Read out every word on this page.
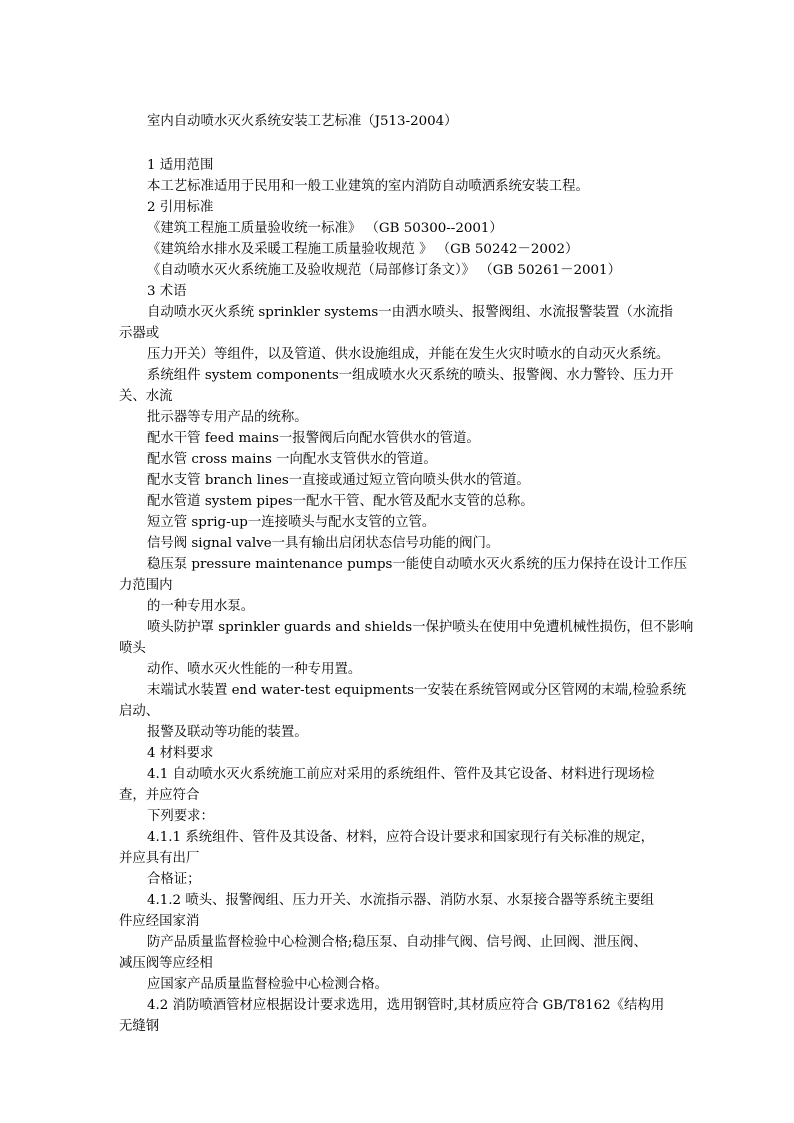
室内自动喷水灭火系统安装工艺标准（J513-2004）
1 适用范围
本工艺标准适用于民用和一般工业建筑的室内消防自动喷洒系统安装工程。
2 引用标准
《建筑工程施工质量验收统一标准》 （GB 50300--2001）
《建筑给水排水及采暖工程施工质量验收规范 》 （GB 50242－2002）
《自动喷水灭火系统施工及验收规范（局部修订条文）》 （GB 50261－2001）
3 术语
自动喷水灭火系统 sprinkler systems一由洒水喷头、报警阀组、水流报警装置（水流指
示器或
压力开关）等组件，以及管道、供水设施组成，并能在发生火灾时喷水的自动灭火系统。
系统组件 system components一组成喷水火灭系统的喷头、报警阀、水力警铃、压力开
关、水流
批示器等专用产品的统称。
配水干管 feed mains一报警阀后向配水管供水的管道。
配水管 cross mains 一向配水支管供水的管道。
配水支管 branch lines一直接或通过短立管向喷头供水的管道。
配水管道 system pipes一配水干管、配水管及配水支管的总称。
短立管 sprig-up一连接喷头与配水支管的立管。
信号阀 signal valve一具有输出启闭状态信号功能的阀门。
稳压泵 pressure maintenance pumps一能使自动喷水灭火系统的压力保持在设计工作压
力范围内
的一种专用水泵。
喷头防护罩 sprinkler guards and shields一保护喷头在使用中免遭机械性损伤，但不影响
喷头
动作、喷水灭火性能的一种专用置。
末端试水装置 end water-test equipments一安装在系统管网或分区管网的末端,检验系统
启动、
报警及联动等功能的装置。
4 材料要求
4.1 自动喷水灭火系统施工前应对采用的系统组件、管件及其它设备、材料进行现场检
查，并应符合
下列要求：
4.1.1 系统组件、管件及其设备、材料，应符合设计要求和国家现行有关标准的规定，
并应具有出厂
合格证；
4.1.2 喷头、报警阀组、压力开关、水流指示器、消防水泵、水泵接合器等系统主要组
件应经国家消
防产品质量监督检验中心检测合格;稳压泵、自动排气阀、信号阀、止回阀、泄压阀、
减压阀等应经相
应国家产品质量监督检验中心检测合格。
4.2 消防喷酒管材应根据设计要求选用，选用钢管时,其材质应符合 GB/T8162《结构用
无缝钢
